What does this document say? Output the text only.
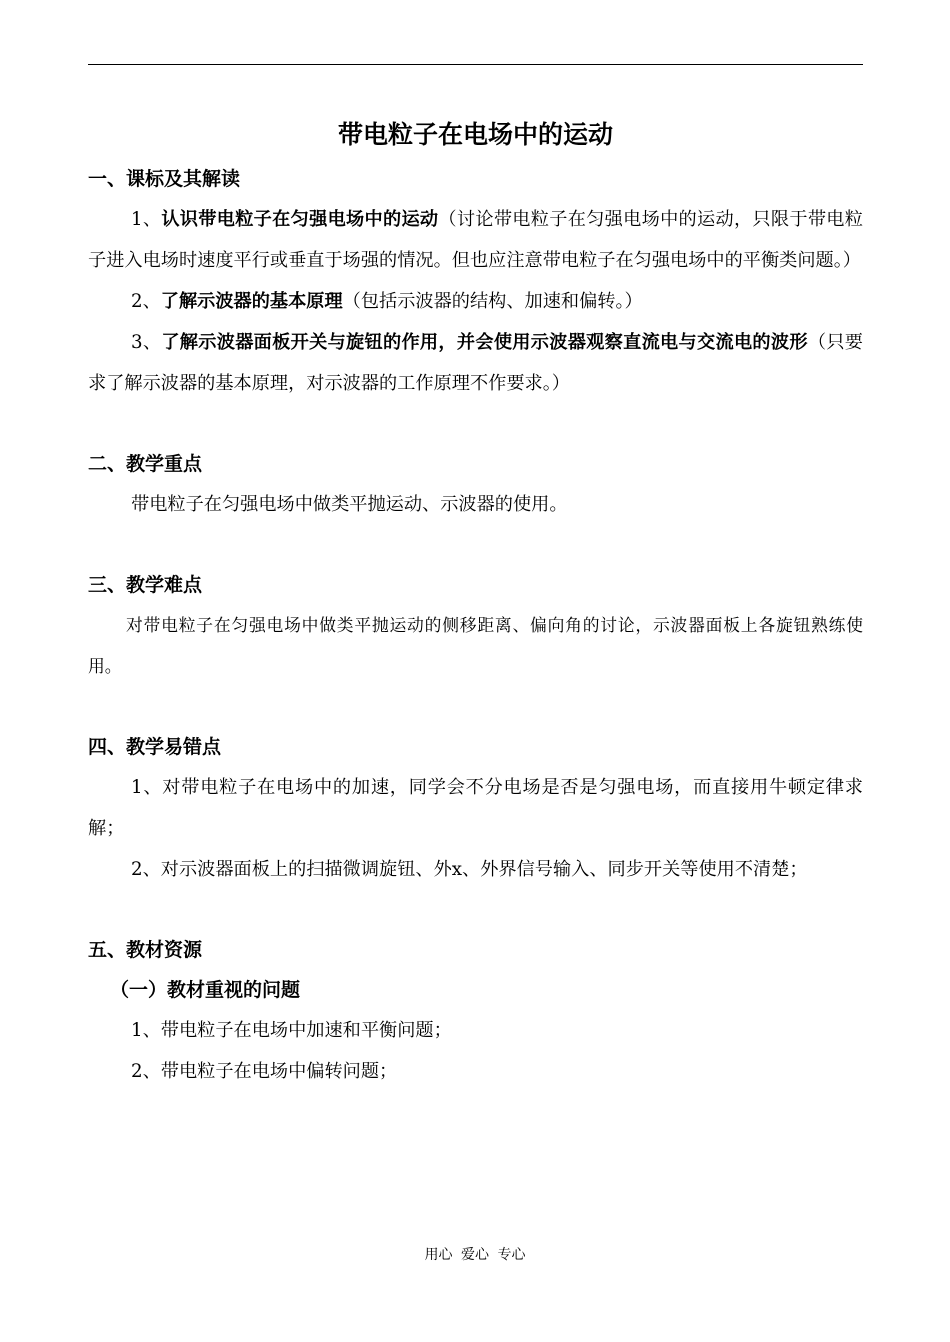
带电粒子在电场中的运动
一、课标及其解读
1、认识带电粒子在匀强电场中的运动（讨论带电粒子在匀强电场中的运动，只限于带电粒子进入电场时速度平行或垂直于场强的情况。但也应注意带电粒子在匀强电场中的平衡类问题。）
2、了解示波器的基本原理（包括示波器的结构、加速和偏转。）
3、了解示波器面板开关与旋钮的作用，并会使用示波器观察直流电与交流电的波形（只要求了解示波器的基本原理，对示波器的工作原理不作要求。）
二、教学重点
带电粒子在匀强电场中做类平抛运动、示波器的使用。
三、教学难点
对带电粒子在匀强电场中做类平抛运动的侧移距离、偏向角的讨论，示波器面板上各旋钮熟练使用。
四、教学易错点
1、对带电粒子在电场中的加速，同学会不分电场是否是匀强电场，而直接用牛顿定律求解；
2、对示波器面板上的扫描微调旋钮、外x、外界信号输入、同步开关等使用不清楚；
五、教材资源
（一）教材重视的问题
1、带电粒子在电场中加速和平衡问题；
2、带电粒子在电场中偏转问题；
用心 爱心 专心
